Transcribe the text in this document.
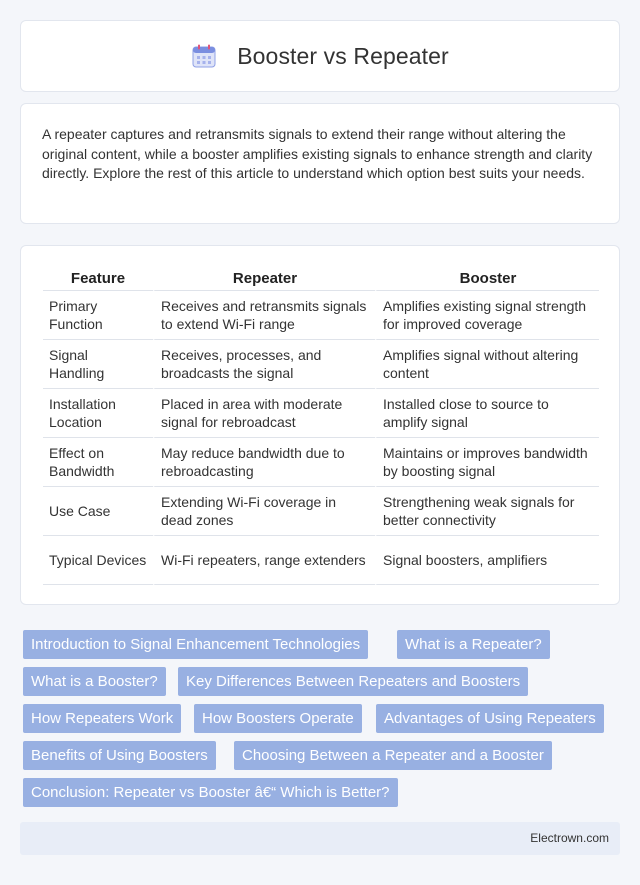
Booster vs Repeater

A repeater captures and retransmits signals to extend their range without altering the original content, while a booster amplifies existing signals to enhance strength and clarity directly. Explore the rest of this article to understand which option best suits your needs.

Feature	Repeater	Booster
Primary Function	Receives and retransmits signals to extend Wi-Fi range	Amplifies existing signal strength for improved coverage
Signal Handling	Receives, processes, and broadcasts the signal	Amplifies signal without altering content
Installation Location	Placed in area with moderate signal for rebroadcast	Installed close to source to amplify signal
Effect on Bandwidth	May reduce bandwidth due to rebroadcasting	Maintains or improves bandwidth by boosting signal
Use Case	Extending Wi-Fi coverage in dead zones	Strengthening weak signals for better connectivity
Typical Devices	Wi-Fi repeaters, range extenders	Signal boosters, amplifiers
Introduction to Signal Enhancement Technologies	What is a Repeater?
What is a Booster?	Key Differences Between Repeaters and Boosters
How Repeaters Work	How Boosters Operate	Advantages of Using Repeaters
Benefits of Using Boosters	Choosing Between a Repeater and a Booster
Conclusion: Repeater vs Booster â€“ Which is Better?
Electrown.com
